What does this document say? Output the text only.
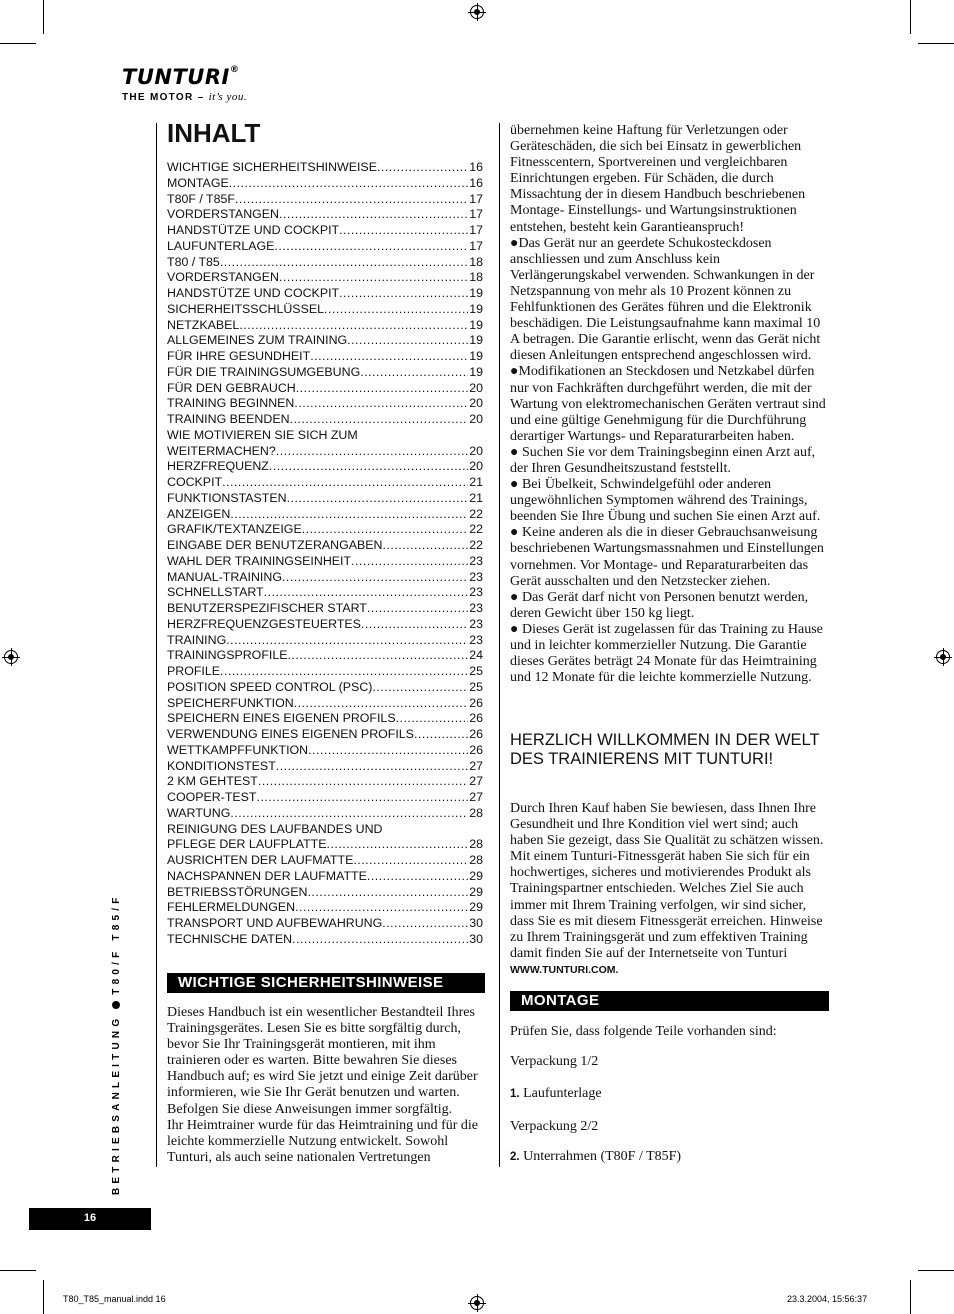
TUNTURI®
THE MOTOR – it’s you.
INHALT
WICHTIGE SICHERHEITSHINWEISE .....	16
MONTAGE .....	16
T80F / T85F .....	17
VORDERSTANGEN .....	17
HANDSTÜTZE UND COCKPIT .....	17
LAUFUNTERLAGE .....	17
T80 / T85 .....	18
VORDERSTANGEN .....	18
HANDSTÜTZE UND COCKPIT .....	19
SICHERHEITSSCHLÜSSEL .....	19
NETZKABEL .....	19
ALLGEMEINES ZUM TRAINING .....	19
FÜR IHRE GESUNDHEIT .....	19
FÜR DIE TRAININGSUMGEBUNG .....	19
FÜR DEN GEBRAUCH .....	20
TRAINING BEGINNEN .....	20
TRAINING BEENDEN .....	20
WIE MOTIVIEREN SIE SICH ZUM
WEITERMACHEN? .....	20
HERZFREQUENZ .....	20
COCKPIT .....	21
FUNKTIONSTASTEN .....	21
ANZEIGEN .....	22
GRAFIK/TEXTANZEIGE .....	22
EINGABE DER BENUTZERANGABEN .....	22
WAHL DER TRAININGSEINHEIT .....	23
MANUAL-TRAINING .....	23
SCHNELLSTART .....	23
BENUTZERSPEZIFISCHER START .....	23
HERZFREQUENZGESTEUERTES .....	23
TRAINING .....	23
TRAININGSPROFILE .....	24
PROFILE .....	25
POSITION SPEED CONTROL (PSC) .....	25
SPEICHERFUNKTION .....	26
SPEICHERN EINES EIGENEN PROFILS .....	26
VERWENDUNG EINES EIGENEN PROFILS .....	26
WETTKAMPFFUNKTION .....	26
KONDITIONSTEST .....	27
2 KM GEHTEST .....	27
COOPER-TEST .....	27
WARTUNG .....	28
REINIGUNG DES LAUFBANDES UND
PFLEGE DER LAUFPLATTE .....	28
AUSRICHTEN DER LAUFMATTE .....	28
NACHSPANNEN DER LAUFMATTE .....	29
BETRIEBSSTÖRUNGEN .....	29
FEHLERMELDUNGEN .....	29
TRANSPORT UND AUFBEWAHRUNG .....	30
TECHNISCHE DATEN .....	30
WICHTIGE SICHERHEITSHINWEISE

Dieses Handbuch ist ein wesentlicher Bestandteil Ihres Trainingsgerätes. Lesen Sie es bitte sorgfältig durch, bevor Sie Ihr Trainingsgerät montieren, mit ihm trainieren oder es warten. Bitte bewahren Sie dieses Handbuch auf; es wird Sie jetzt und einige Zeit darüber informieren, wie Sie Ihr Gerät benutzen und warten. Befolgen Sie diese Anweisungen immer sorgfältig.

Ihr Heimtrainer wurde für das Heimtraining und für die leichte kommerzielle Nutzung entwickelt. Sowohl Tunturi, als auch seine nationalen Vertretungen

übernehmen keine Haftung für Verletzungen oder Geräteschäden, die sich bei Einsatz in gewerblichen Fitnesscentern, Sportvereinen und vergleichbaren Einrichtungen ergeben. Für Schäden, die durch Missachtung der in diesem Handbuch beschriebenen Montage- Einstellungs- und Wartungsinstruktionen entstehen, besteht kein Garantieanspruch!

●Das Gerät nur an geerdete Schukosteckdosen anschliessen und zum Anschluss kein Verlängerungskabel verwenden. Schwankungen in der Netzspannung von mehr als 10 Prozent können zu Fehlfunktionen des Gerätes führen und die Elektronik beschädigen. Die Leistungsaufnahme kann maximal 10 A betragen. Die Garantie erlischt, wenn das Gerät nicht diesen Anleitungen entsprechend angeschlossen wird.

●Modifikationen an Steckdosen und Netzkabel dürfen nur von Fachkräften durchgeführt werden, die mit der Wartung von elektromechanischen Geräten vertraut sind und eine gültige Genehmigung für die Durchführung derartiger Wartungs- und Reparaturarbeiten haben.

● Suchen Sie vor dem Trainingsbeginn einen Arzt auf, der Ihren Gesundheitszustand feststellt.

● Bei Übelkeit, Schwindelgefühl oder anderen ungewöhnlichen Symptomen während des Trainings, beenden Sie Ihre Übung und suchen Sie einen Arzt auf.

● Keine anderen als die in dieser Gebrauchsanweisung beschriebenen Wartungsmassnahmen und Einstellungen vornehmen. Vor Montage- und Reparaturarbeiten das Gerät ausschalten und den Netzstecker ziehen.

● Das Gerät darf nicht von Personen benutzt werden, deren Gewicht über 150 kg liegt.

● Dieses Gerät ist zugelassen für das Training zu Hause und in leichter kommerzieller Nutzung. Die Garantie dieses Gerätes beträgt 24 Monate für das Heimtraining und 12 Monate für die leichte kommerzielle Nutzung.

HERZLICH WILLKOMMEN IN DER WELT DES TRAINIERENS MIT TUNTURI!
Durch Ihren Kauf haben Sie bewiesen, dass Ihnen Ihre Gesundheit und Ihre Kondition viel wert sind; auch haben Sie gezeigt, dass Sie Qualität zu schätzen wissen. Mit einem Tunturi-Fitnessgerät haben Sie sich für ein hochwertiges, sicheres und motivierendes Produkt als Trainingspartner entschieden. Welches Ziel Sie auch immer mit Ihrem Training verfolgen, wir sind sicher, dass Sie es mit diesem Fitnessgerät erreichen. Hinweise zu Ihrem Trainingsgerät und zum effektiven Training damit finden Sie auf der Internetseite von Tunturi
WWW.TUNTURI.COM.
MONTAGE
Prüfen Sie, dass folgende Teile vorhanden sind:
Verpackung 1/2
1. Laufunterlage
Verpackung 2/2
2. Unterrahmen (T80F / T85F)
BETRIEBSANLEITUNGT80/F T85/F
16
T80_T85_manual.indd 16	23.3.2004, 15:56:37
